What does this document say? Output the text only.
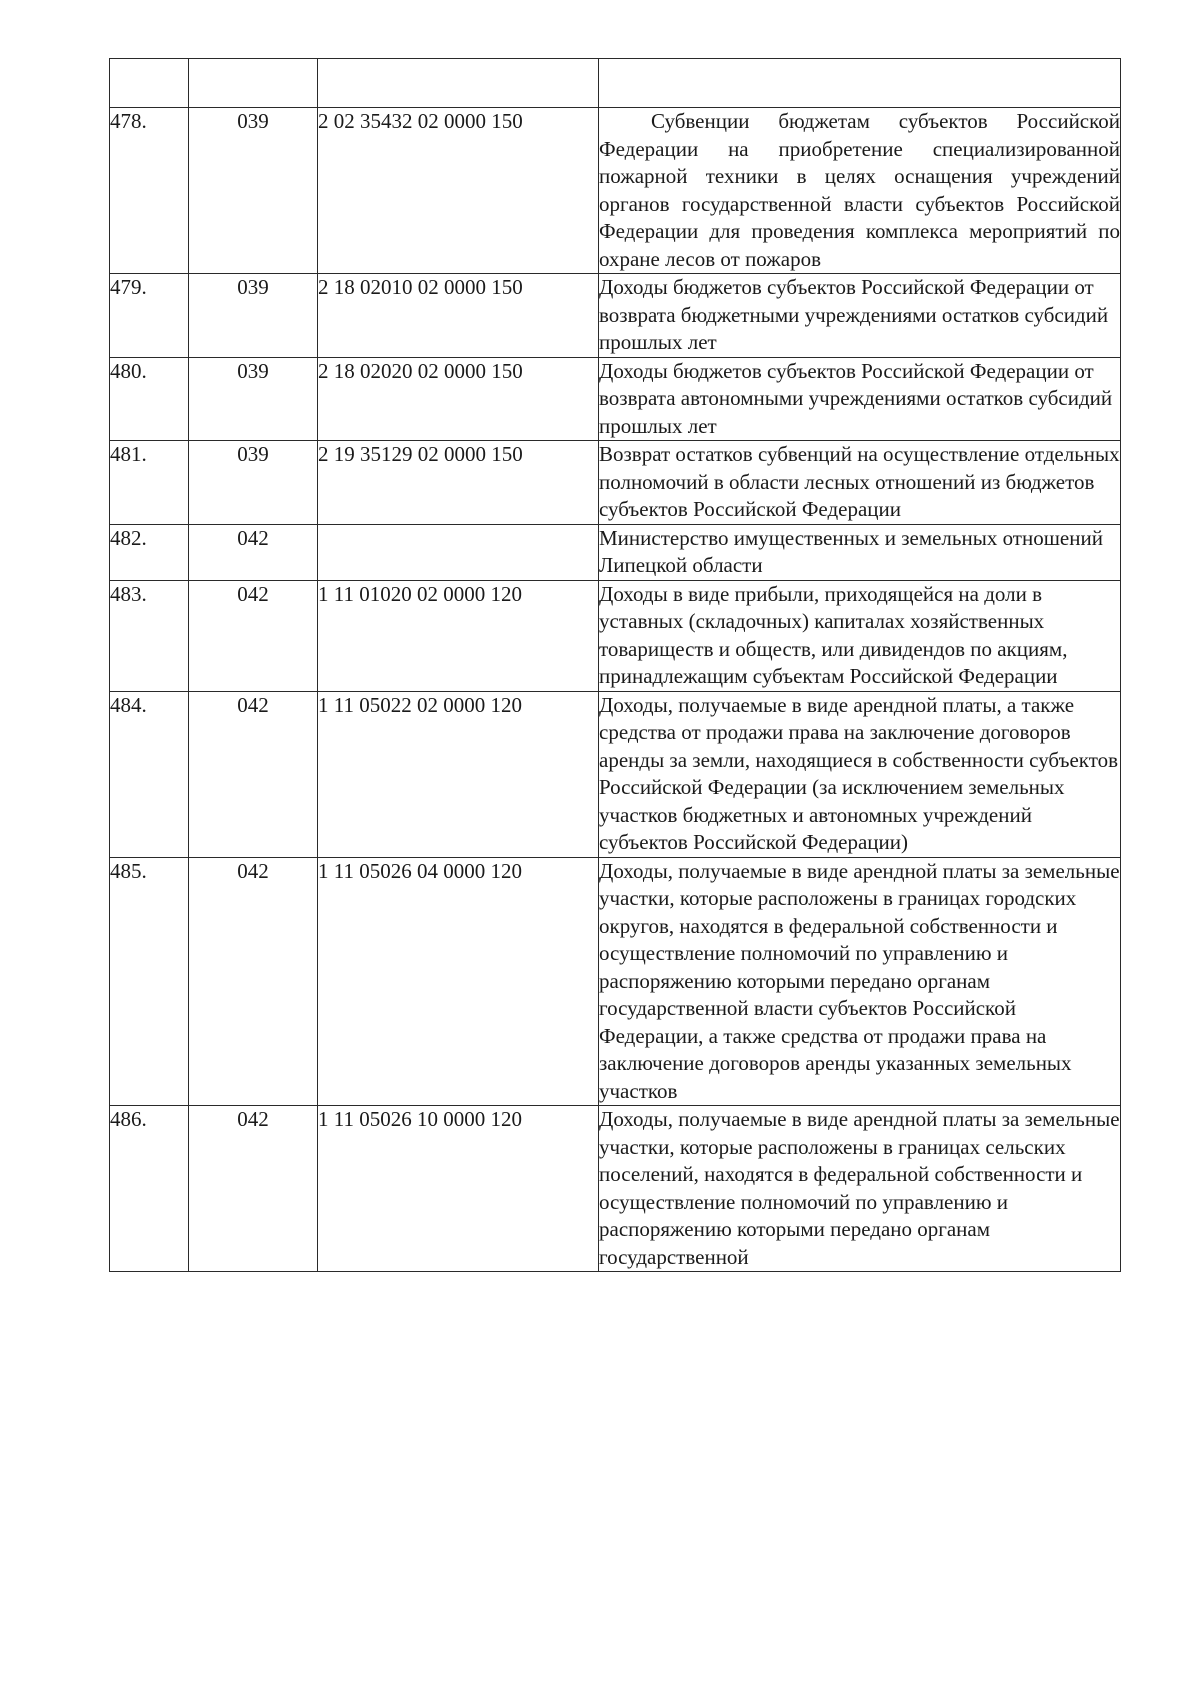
478.	039	2 02 35432 02 0000 150	Субвенции бюджетам субъектов Российской Федерации на приобретение специализированной пожарной техники в целях оснащения учреждений органов государственной власти субъектов Российской Федерации для проведения комплекса мероприятий по охране лесов от пожаров
479.	039	2 18 02010 02 0000 150	Доходы бюджетов субъектов Российской Федерации от возврата бюджетными учреждениями остатков субсидий прошлых лет
480.	039	2 18 02020 02 0000 150	Доходы бюджетов субъектов Российской Федерации от возврата автономными учреждениями остатков субсидий прошлых лет
481.	039	2 19 35129 02 0000 150	Возврат остатков субвенций на осуществление отдельных полномочий в области лесных отношений из бюджетов субъектов Российской Федерации
482.	042		Министерство имущественных и земельных отношений Липецкой области
483.	042	1 11 01020 02 0000 120	Доходы в виде прибыли, приходящейся на доли в уставных (складочных) капиталах хозяйственных товариществ и обществ, или дивидендов по акциям, принадлежащим субъектам Российской Федерации
484.	042	1 11 05022 02 0000 120	Доходы, получаемые в виде арендной платы, а также средства от продажи права на заключение договоров аренды за земли, находящиеся в собственности субъектов Российской Федерации (за исключением земельных участков бюджетных и автономных учреждений субъектов Российской Федерации)
485.	042	1 11 05026 04 0000 120	Доходы, получаемые в виде арендной платы за земельные участки, которые расположены в границах городских округов, находятся в федеральной собственности и осуществление полномочий по управлению и распоряжению которыми передано органам государственной власти субъектов Российской Федерации, а также средства от продажи права на заключение договоров аренды указанных земельных участков
486.	042	1 11 05026 10 0000 120	Доходы, получаемые в виде арендной платы за земельные участки, которые расположены в границах сельских поселений, находятся в федеральной собственности и осуществление полномочий по управлению и распоряжению которыми передано органам государственной
